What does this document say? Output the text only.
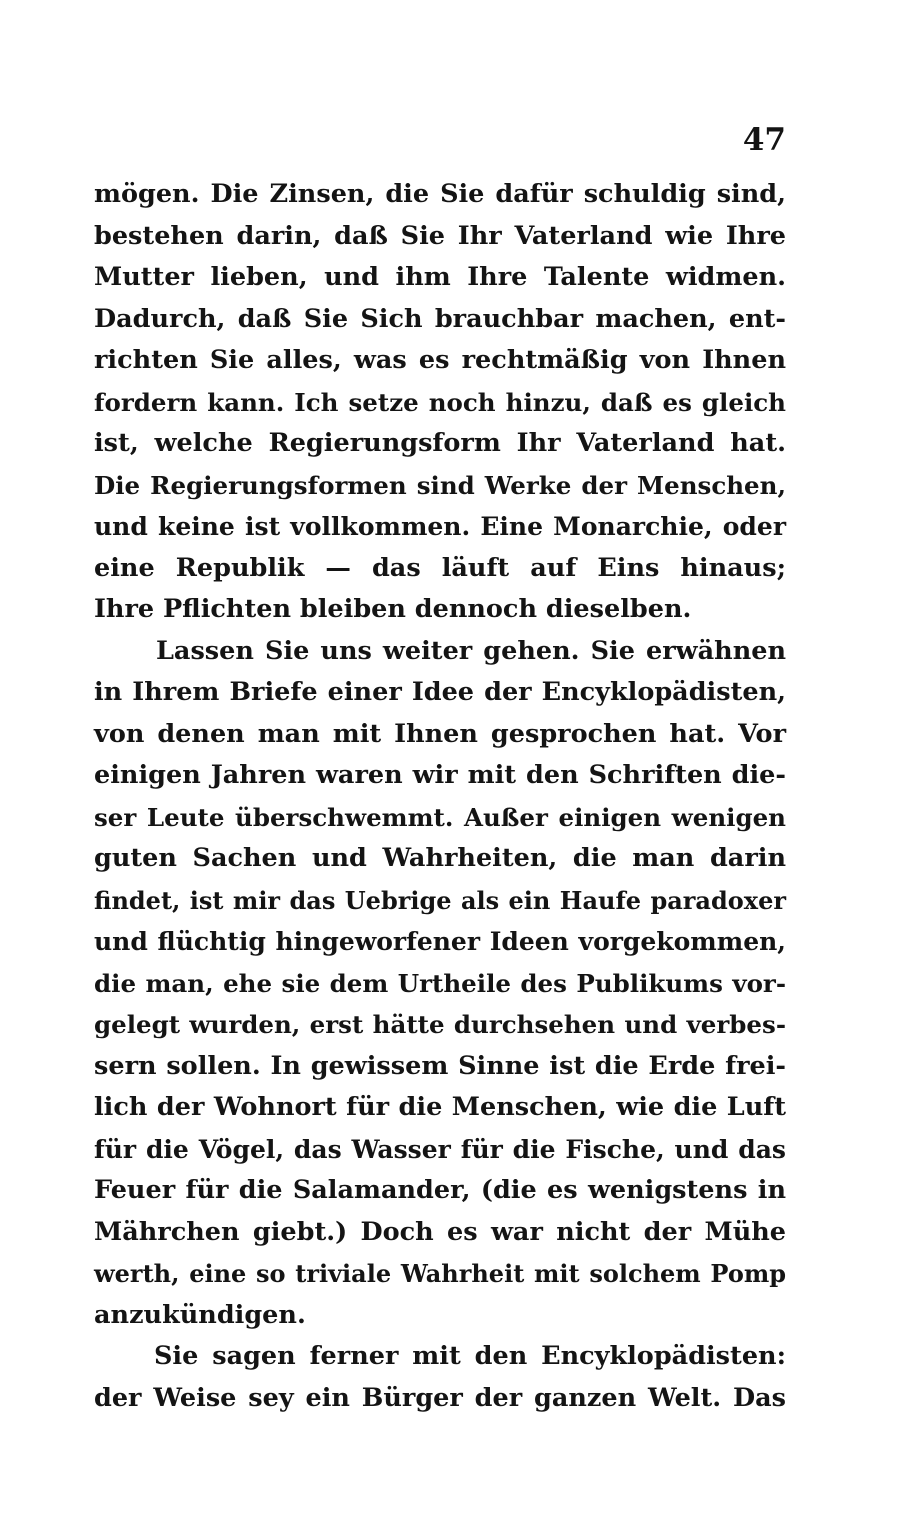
47
mögen. Die Zinsen, die Sie dafür schuldig sind,
bestehen darin, daß Sie Ihr Vaterland wie Ihre
Mutter lieben, und ihm Ihre Talente widmen.
Dadurch, daß Sie Sich brauchbar machen, ent-
richten Sie alles, was es rechtmäßig von Ihnen
fordern kann. Ich setze noch hinzu, daß es gleich
ist, welche Regierungsform Ihr Vaterland hat.
Die Regierungsformen sind Werke der Menschen,
und keine ist vollkommen. Eine Monarchie, oder
eine Republik — das läuft auf Eins hinaus;
Ihre Pflichten bleiben dennoch dieselben.
Lassen Sie uns weiter gehen. Sie erwähnen
in Ihrem Briefe einer Idee der Encyklopädisten,
von denen man mit Ihnen gesprochen hat. Vor
einigen Jahren waren wir mit den Schriften die-
ser Leute überschwemmt. Außer einigen wenigen
guten Sachen und Wahrheiten, die man darin
findet, ist mir das Uebrige als ein Haufe paradoxer
und flüchtig hingeworfener Ideen vorgekommen,
die man, ehe sie dem Urtheile des Publikums vor-
gelegt wurden, erst hätte durchsehen und verbes-
sern sollen. In gewissem Sinne ist die Erde frei-
lich der Wohnort für die Menschen, wie die Luft
für die Vögel, das Wasser für die Fische, und das
Feuer für die Salamander, (die es wenigstens in
Mährchen giebt.) Doch es war nicht der Mühe
werth, eine so triviale Wahrheit mit solchem Pomp
anzukündigen.
Sie sagen ferner mit den Encyklopädisten:
der Weise sey ein Bürger der ganzen Welt. Das
